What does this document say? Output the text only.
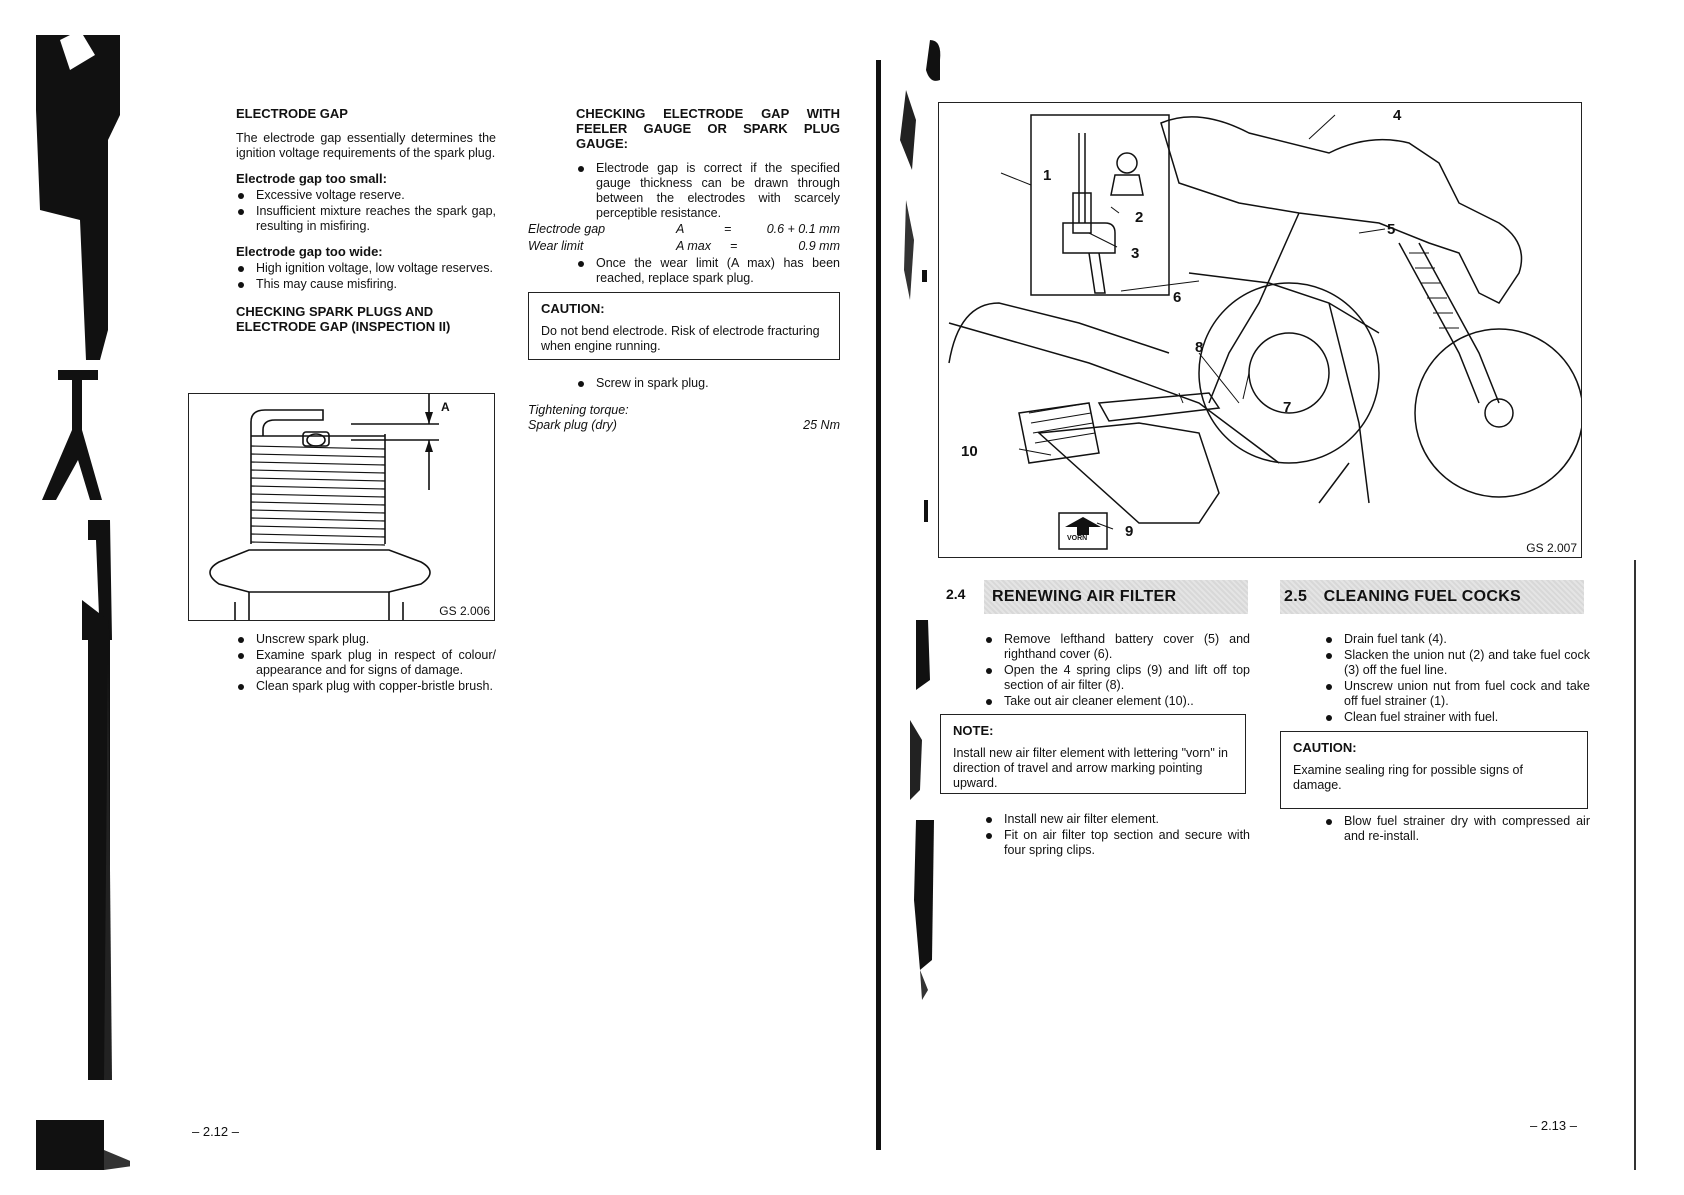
ELECTRODE GAP
The electrode gap essentially determines the ignition voltage requirements of the spark plug.
Electrode gap too small:
Excessive voltage reserve.
Insufficient mixture reaches the spark gap, resulting in misfiring.
Electrode gap too wide:
High ignition voltage, low voltage reserves.
This may cause misfiring.
CHECKING SPARK PLUGS AND ELECTRODE GAP (INSPECTION II)
A
GS 2.006
Unscrew spark plug.
Examine spark plug in respect of colour/ appearance and for signs of damage.
Clean spark plug with copper-bristle brush.
– 2.12 –
CHECKING ELECTRODE GAP WITH FEELER GAUGE OR SPARK PLUG GAUGE:
Electrode gap is correct if the specified gauge thickness can be drawn through between the electrodes with scarcely perceptible resistance.
Electrode gap	A	=	0.6 + 0.1 mm
Wear limit	A max =	0.9 mm
Once the wear limit (A max) has been reached, replace spark plug.
CAUTION:
Do not bend electrode. Risk of electrode fracturing when engine running.
Screw in spark plug.
Tightening torque:
Spark plug (dry)	25 Nm
1
2
3
4
5
6
7
8
9
10
VORN
GS 2.007
2.4	RENEWING AIR FILTER
Remove lefthand battery cover (5) and righthand cover (6).
Open the 4 spring clips (9) and lift off top section of air filter (8).
Take out air cleaner element (10)..
NOTE:
Install new air filter element with lettering "vorn" in direction of travel and arrow marking pointing upward.
Install new air filter element.
Fit on air filter top section and secure with four spring clips.
2.5 CLEANING FUEL COCKS
Drain fuel tank (4).
Slacken the union nut (2) and take fuel cock (3) off the fuel line.
Unscrew union nut from fuel cock and take off fuel strainer (1).
Clean fuel strainer with fuel.
CAUTION:
Examine sealing ring for possible signs of damage.
Blow fuel strainer dry with compressed air and re-install.
– 2.13 –
